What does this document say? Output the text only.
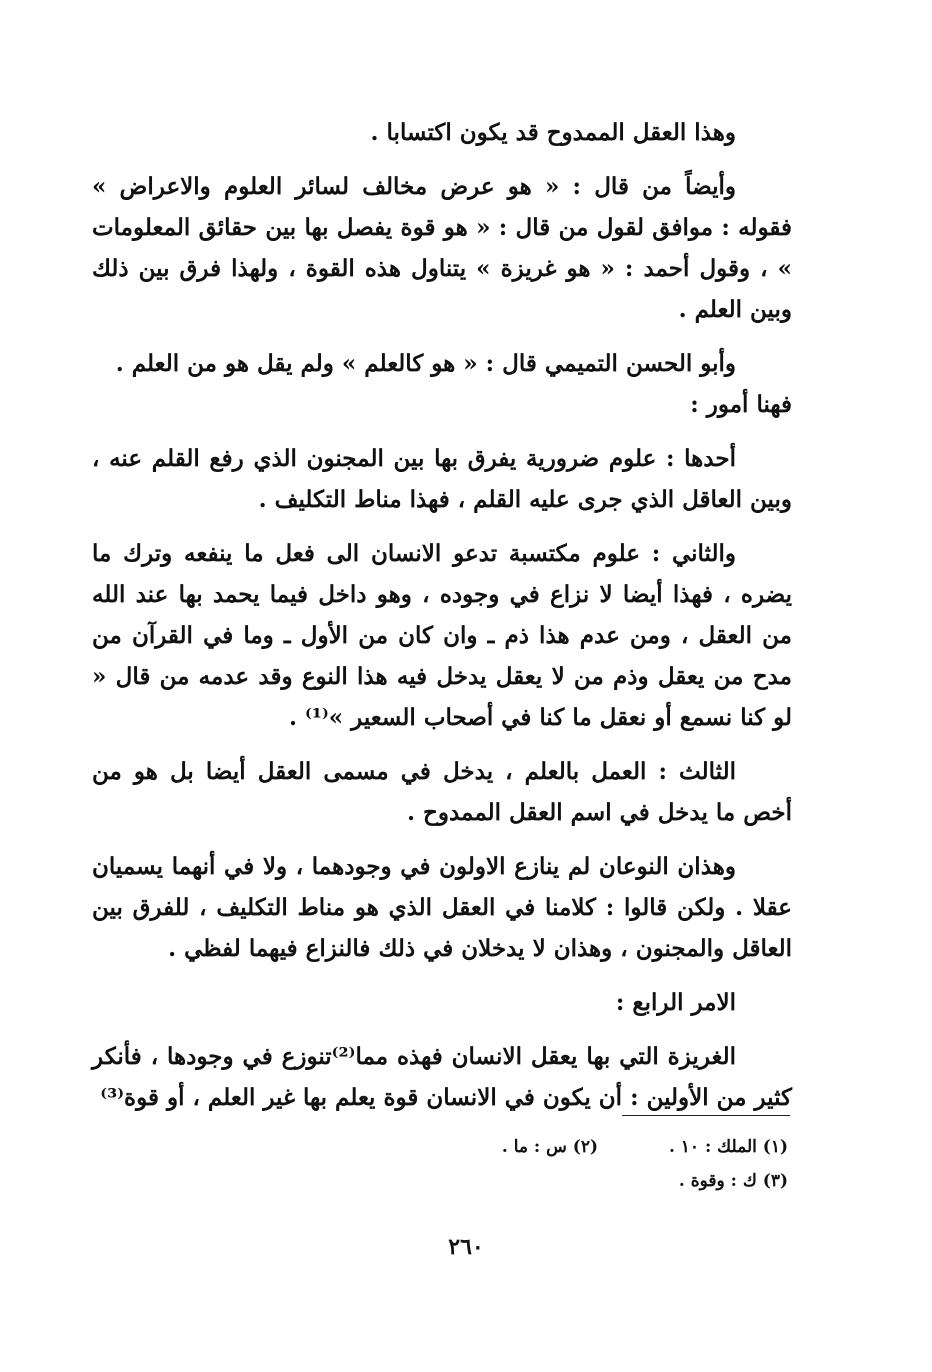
وهذا العقل الممدوح قد يكون اكتسابا .

وأيضاً من قال : « هو عرض مخالف لسائر العلوم والاعراض » فقوله : موافق لقول من قال : « هو قوة يفصل بها بين حقائق المعلومات » ، وقول أحمد : « هو غريزة » يتناول هذه القوة ، ولهذا فرق بين ذلك وبين العلم .

وأبو الحسن التميمي قال : « هو كالعلم » ولم يقل هو من العلم .

فهنا أمور :

أحدها : علوم ضرورية يفرق بها بين المجنون الذي رفع القلم عنه ، وبين العاقل الذي جرى عليه القلم ، فهذا مناط التكليف .

والثاني : علوم مكتسبة تدعو الانسان الى فعل ما ينفعه وترك ما يضره ، فهذا أيضا لا نزاع في وجوده ، وهو داخل فيما يحمد بها عند الله من العقل ، ومن عدم هذا ذم ـ وان كان من الأول ـ وما في القرآن من مدح من يعقل وذم من لا يعقل يدخل فيه هذا النوع وقد عدمه من قال « لو كنا نسمع أو نعقل ما كنا في أصحاب السعير »⁽¹⁾ .

الثالث : العمل بالعلم ، يدخل في مسمى العقل أيضا بل هو من أخص ما يدخل في اسم العقل الممدوح .

وهذان النوعان لم ينازع الاولون في وجودهما ، ولا في أنهما يسميان عقلا . ولكن قالوا : كلامنا في العقل الذي هو مناط التكليف ، للفرق بين العاقل والمجنون ، وهذان لا يدخلان في ذلك فالنزاع فيهما لفظي .

الامر الرابع :

الغريزة التي بها يعقل الانسان فهذه مما⁽²⁾تنوزع في وجودها ، فأنكر كثير من الأولين : أن يكون في الانسان قوة يعلم بها غير العلم ، أو قوة⁽³⁾

(١) الملك : ١٠ .
(٢) س : ما .
(٣) ك : وقوة .
٢٦٠
